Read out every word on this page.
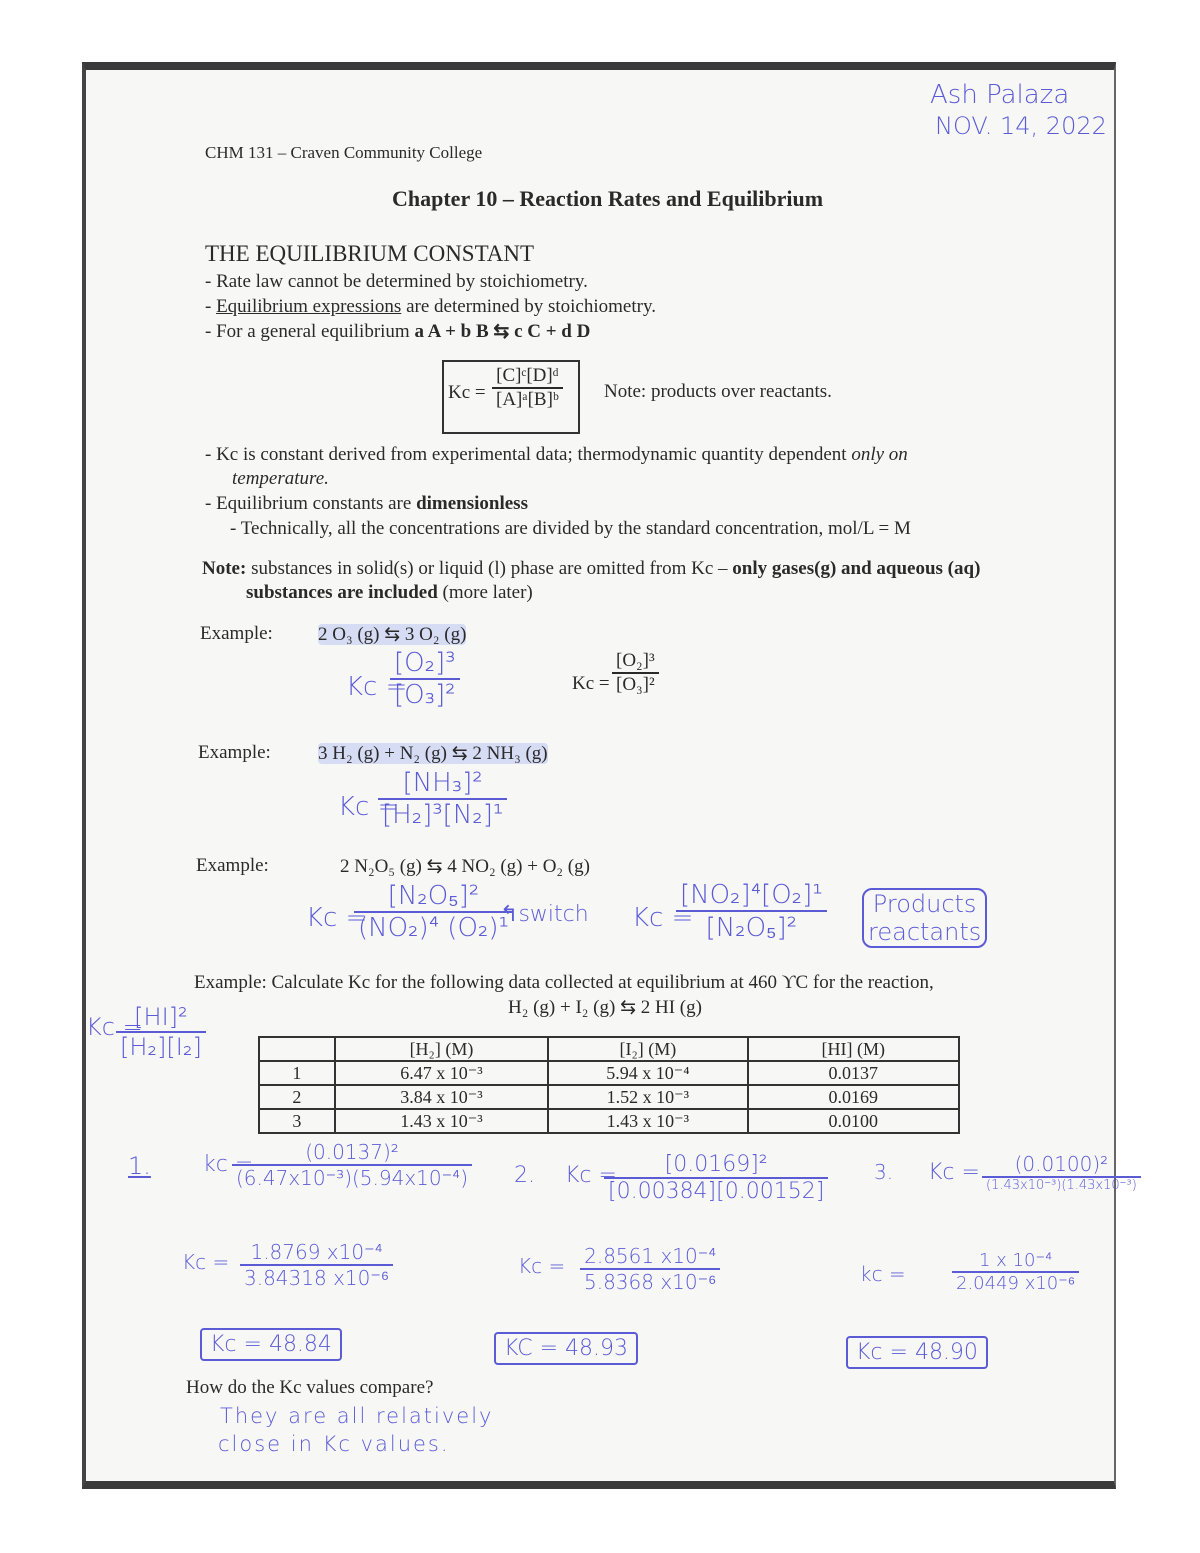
Ash Palaza
NOV. 14, 2022
CHM 131 – Craven Community College
Chapter 10 – Reaction Rates and Equilibrium
THE EQUILIBRIUM CONSTANT
- Rate law cannot be determined by stoichiometry.
- Equilibrium expressions are determined by stoichiometry.
- For a general equilibrium a A + b B ⇆ c C + d D
$Kc = \frac{\text{[C]ᶜ[D]ᵈ}}{\text{[A]ᵃ[B]ᵇ}}$ Note: products over reactants.
- Kc is constant derived from experimental data; thermodynamic quantity dependent only on
temperature.
- Equilibrium constants are dimensionless
- Technically, all the concentrations are divided by the standard concentration, mol/L = M
Note: substances in solid(s) or liquid (l) phase are omitted from Kc – only gases(g) and aqueous (aq)
substances are included (more later)
Example: 2 O₃ (g) ⇆ 3 O₂ (g)
Kc =
$\frac{\text{[O₂]³}}{\text{[O₃]²}}$	$Kc = \frac{\text{[O₂]³}}{\text{[O₃]²}}$
Example: 3 H₂ (g) + N₂ (g) ⇆ 2 NH₃ (g)
Kc =
$\frac{\text{[NH₃]²}}{\text{[H₂]³[N₂]¹}}$
Example:	2 N₂O₅ (g) ⇆ 4 NO₂ (g) + O₂ (g)
Kc =
$\frac{\text{[N₂O₅]²}}{\text{(NO₂)⁴ (O₂)¹}}$
↰switch Kc =
$\frac{\text{[NO₂]⁴[O₂]¹}}{\text{[N₂O₅]²}}$	Products
reactants
Example: Calculate Kc for the following data collected at equilibrium at 460 ϒC for the reaction,
H₂ (g) + I₂ (g) ⇆ 2 HI (g)
Kc =
$\frac{\text{[HI]²}}{\text{[H₂][I₂]}}$
		[H₂] (M)	[I₂] (M)	[HI] (M)
1	6.47 x 10⁻³	5.94 x 10⁻⁴	0.0137
2	3.84 x 10⁻³	1.52 x 10⁻³	0.0169
3	1.43 x 10⁻³	1.43 x 10⁻³	0.0100
1. kc =
$\frac{\text{(0.0137)²}}{\text{(6.47x10⁻³)(5.94x10⁻⁴)}}$
$Kc = \frac{\text{1.8769 x10⁻⁴}}{\text{3.84318 x10⁻⁶}}$
Kc = 48.84
2. Kc =
$\frac{\text{[0.0169]²}}{[0.00384][0.00152]}$
$Kc = \frac{\text{2.8561 x10⁻⁴}}{\text{5.8368 x10⁻⁶}}$
KC = 48.93
3. Kc =	(0.0100)²
(1.43x10⁻³)(1.43x10⁻³)
kc =	$\frac{\text{1 x 10⁻⁴}}{\text{2.0449 x10⁻⁶}}$
Kc = 48.90
How do the Kc values compare?
They are all relatively
close in Kc values.
